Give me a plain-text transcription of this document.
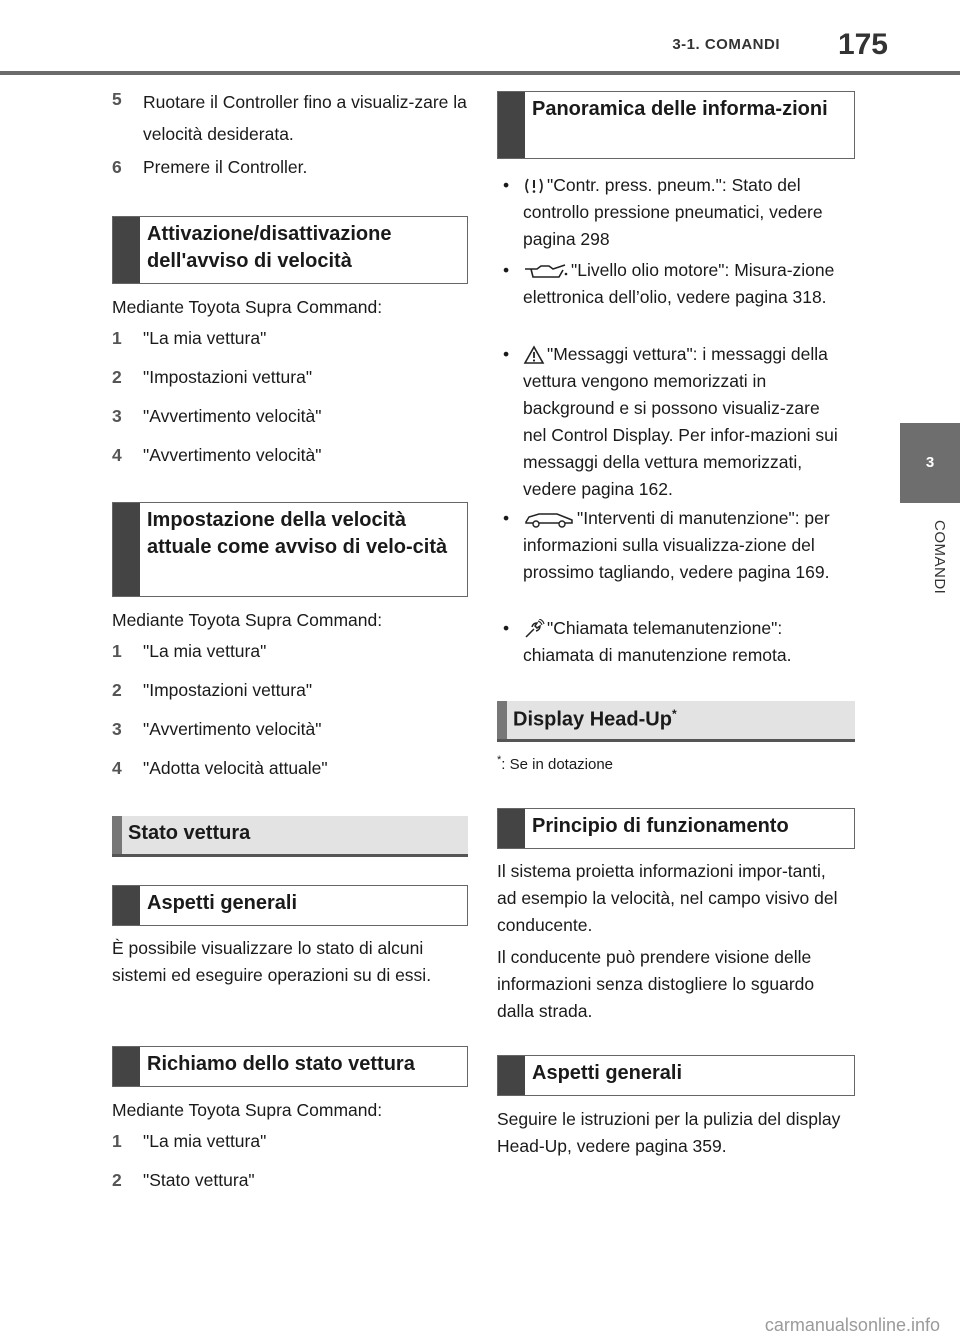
3-1. COMANDI 175
3
COMANDI
5 Ruotare il Controller fino a visualiz-zare la velocità desiderata.
6 Premere il Controller.
Attivazione/disattivazione dell'avviso di velocità
Mediante Toyota Supra Command:
1 "La mia vettura"
2 "Impostazioni vettura"
3 "Avvertimento velocità"
4 "Avvertimento velocità"
Impostazione della velocità attuale come avviso di velo-cità
Mediante Toyota Supra Command:
1 "La mia vettura"
2 "Impostazioni vettura"
3 "Avvertimento velocità"
4 "Adotta velocità attuale"
Stato vettura
Aspetti generali
È possibile visualizzare lo stato di alcuni sistemi ed eseguire operazioni su di essi.
Richiamo dello stato vettura
Mediante Toyota Supra Command:
1 "La mia vettura"
2 "Stato vettura"
Panoramica delle informa-zioni
•	"Contr. press. pneum.": Stato del controllo pressione pneumatici, vedere pagina 298
•	"Livello olio motore": Misura-zione elettronica dell’olio, vedere pagina 318.
•	"Messaggi vettura": i messaggi della vettura vengono memorizzati in background e si possono visualiz-zare nel Control Display. Per infor-mazioni sui messaggi della vettura memorizzati, vedere pagina 162.
•	"Interventi di manutenzione": per informazioni sulla visualizza-zione del prossimo tagliando, vedere pagina 169.
•	"Chiamata telemanutenzione": chiamata di manutenzione remota.
Display Head-Up*
*: Se in dotazione
Principio di funzionamento
Il sistema proietta informazioni impor-tanti, ad esempio la velocità, nel campo visivo del conducente.
Il conducente può prendere visione delle informazioni senza distogliere lo sguardo dalla strada.
Aspetti generali
Seguire le istruzioni per la pulizia del display Head-Up, vedere pagina 359.
carmanualsonline.info
